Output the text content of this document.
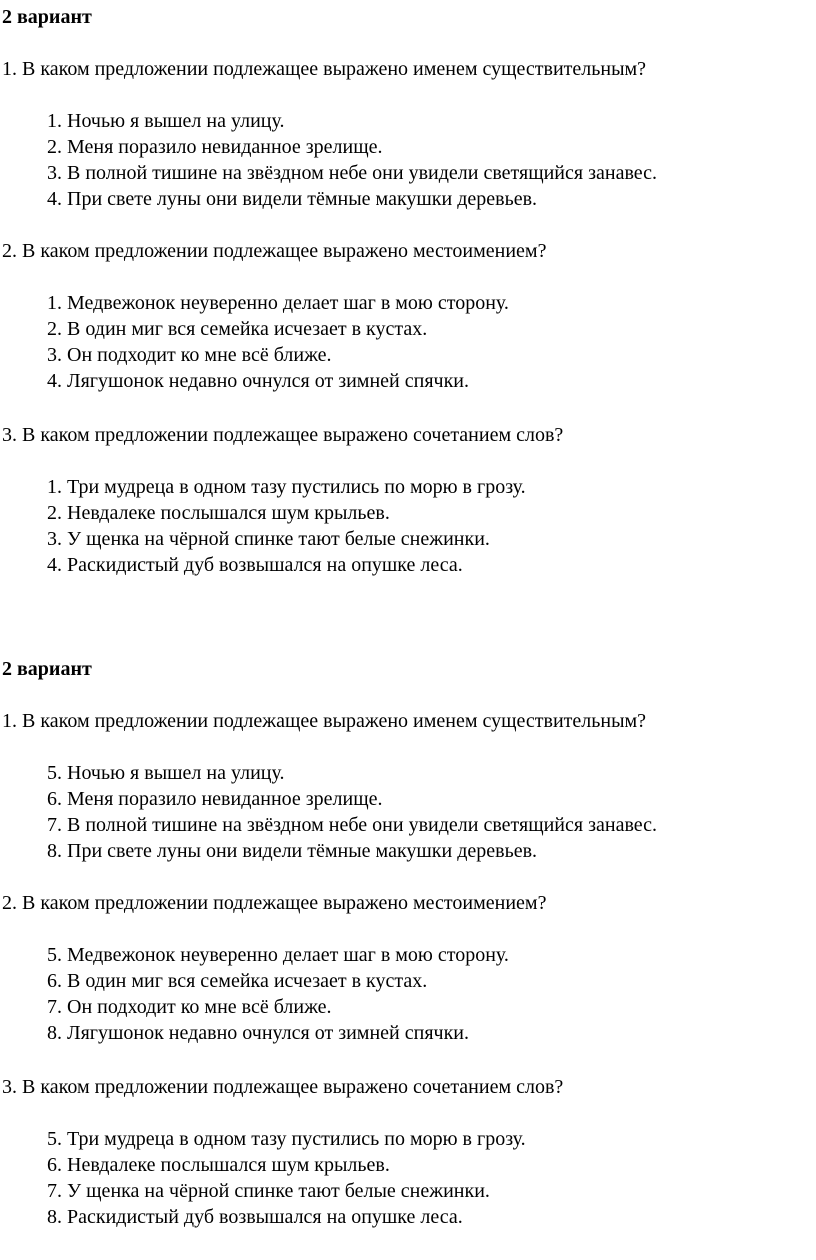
2 вариант
1. В каком предложении подлежащее выражено именем существительным?
1. Ночью я вышел на улицу.
2. Меня поразило невиданное зрелище.
3. В полной тишине на звёздном небе они увидели светящийся занавес.
4. При свете луны они видели тёмные макушки деревьев.
2. В каком предложении подлежащее выражено местоимением?
1. Медвежонок неуверенно делает шаг в мою сторону.
2. В один миг вся семейка исчезает в кустах.
3. Он подходит ко мне всё ближе.
4. Лягушонок недавно очнулся от зимней спячки.
3. В каком предложении подлежащее выражено сочетанием слов?
1. Три мудреца в одном тазу пустились по морю в грозу.
2. Невдалеке послышался шум крыльев.
3. У щенка на чёрной спинке тают белые снежинки.
4. Раскидистый дуб возвышался на опушке леса.
2 вариант
1. В каком предложении подлежащее выражено именем существительным?
5. Ночью я вышел на улицу.
6. Меня поразило невиданное зрелище.
7. В полной тишине на звёздном небе они увидели светящийся занавес.
8. При свете луны они видели тёмные макушки деревьев.
2. В каком предложении подлежащее выражено местоимением?
5. Медвежонок неуверенно делает шаг в мою сторону.
6. В один миг вся семейка исчезает в кустах.
7. Он подходит ко мне всё ближе.
8. Лягушонок недавно очнулся от зимней спячки.
3. В каком предложении подлежащее выражено сочетанием слов?
5. Три мудреца в одном тазу пустились по морю в грозу.
6. Невдалеке послышался шум крыльев.
7. У щенка на чёрной спинке тают белые снежинки.
8. Раскидистый дуб возвышался на опушке леса.
